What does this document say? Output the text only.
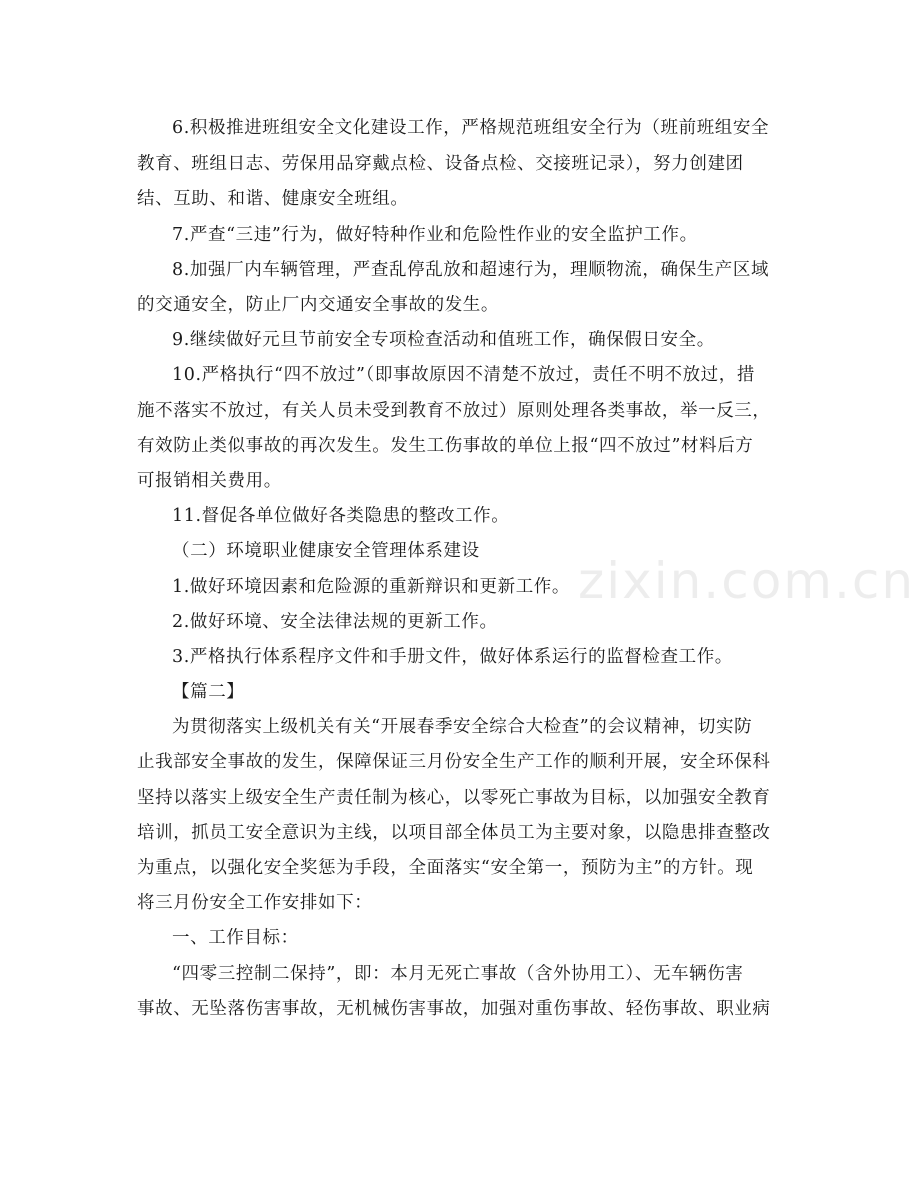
6.积极推进班组安全文化建设工作，严格规范班组安全行为（班前班组安全
教育、班组日志、劳保用品穿戴点检、设备点检、交接班记录），努力创建团
结、互助、和谐、健康安全班组。
7.严查“三违”行为，做好特种作业和危险性作业的安全监护工作。
8.加强厂内车辆管理，严查乱停乱放和超速行为，理顺物流，确保生产区域
的交通安全，防止厂内交通安全事故的发生。
9.继续做好元旦节前安全专项检查活动和值班工作，确保假日安全。
10.严格执行“四不放过”（即事故原因不清楚不放过，责任不明不放过，措
施不落实不放过，有关人员未受到教育不放过）原则处理各类事故，举一反三，
有效防止类似事故的再次发生。发生工伤事故的单位上报“四不放过”材料后方
可报销相关费用。
11.督促各单位做好各类隐患的整改工作。
（二）环境职业健康安全管理体系建设
1.做好环境因素和危险源的重新辩识和更新工作。
2.做好环境、安全法律法规的更新工作。
3.严格执行体系程序文件和手册文件，做好体系运行的监督检查工作。
【篇二】
为贯彻落实上级机关有关“开展春季安全综合大检查”的会议精神，切实防
止我部安全事故的发生，保障保证三月份安全生产工作的顺利开展，安全环保科
坚持以落实上级安全生产责任制为核心，以零死亡事故为目标，以加强安全教育
培训，抓员工安全意识为主线，以项目部全体员工为主要对象，以隐患排查整改
为重点，以强化安全奖惩为手段，全面落实“安全第一，预防为主”的方针。现
将三月份安全工作安排如下：
一、工作目标：
“四零三控制二保持”，即：本月无死亡事故（含外协用工）、无车辆伤害
事故、无坠落伤害事故，无机械伤害事故，加强对重伤事故、轻伤事故、职业病
zixin.com.cn
